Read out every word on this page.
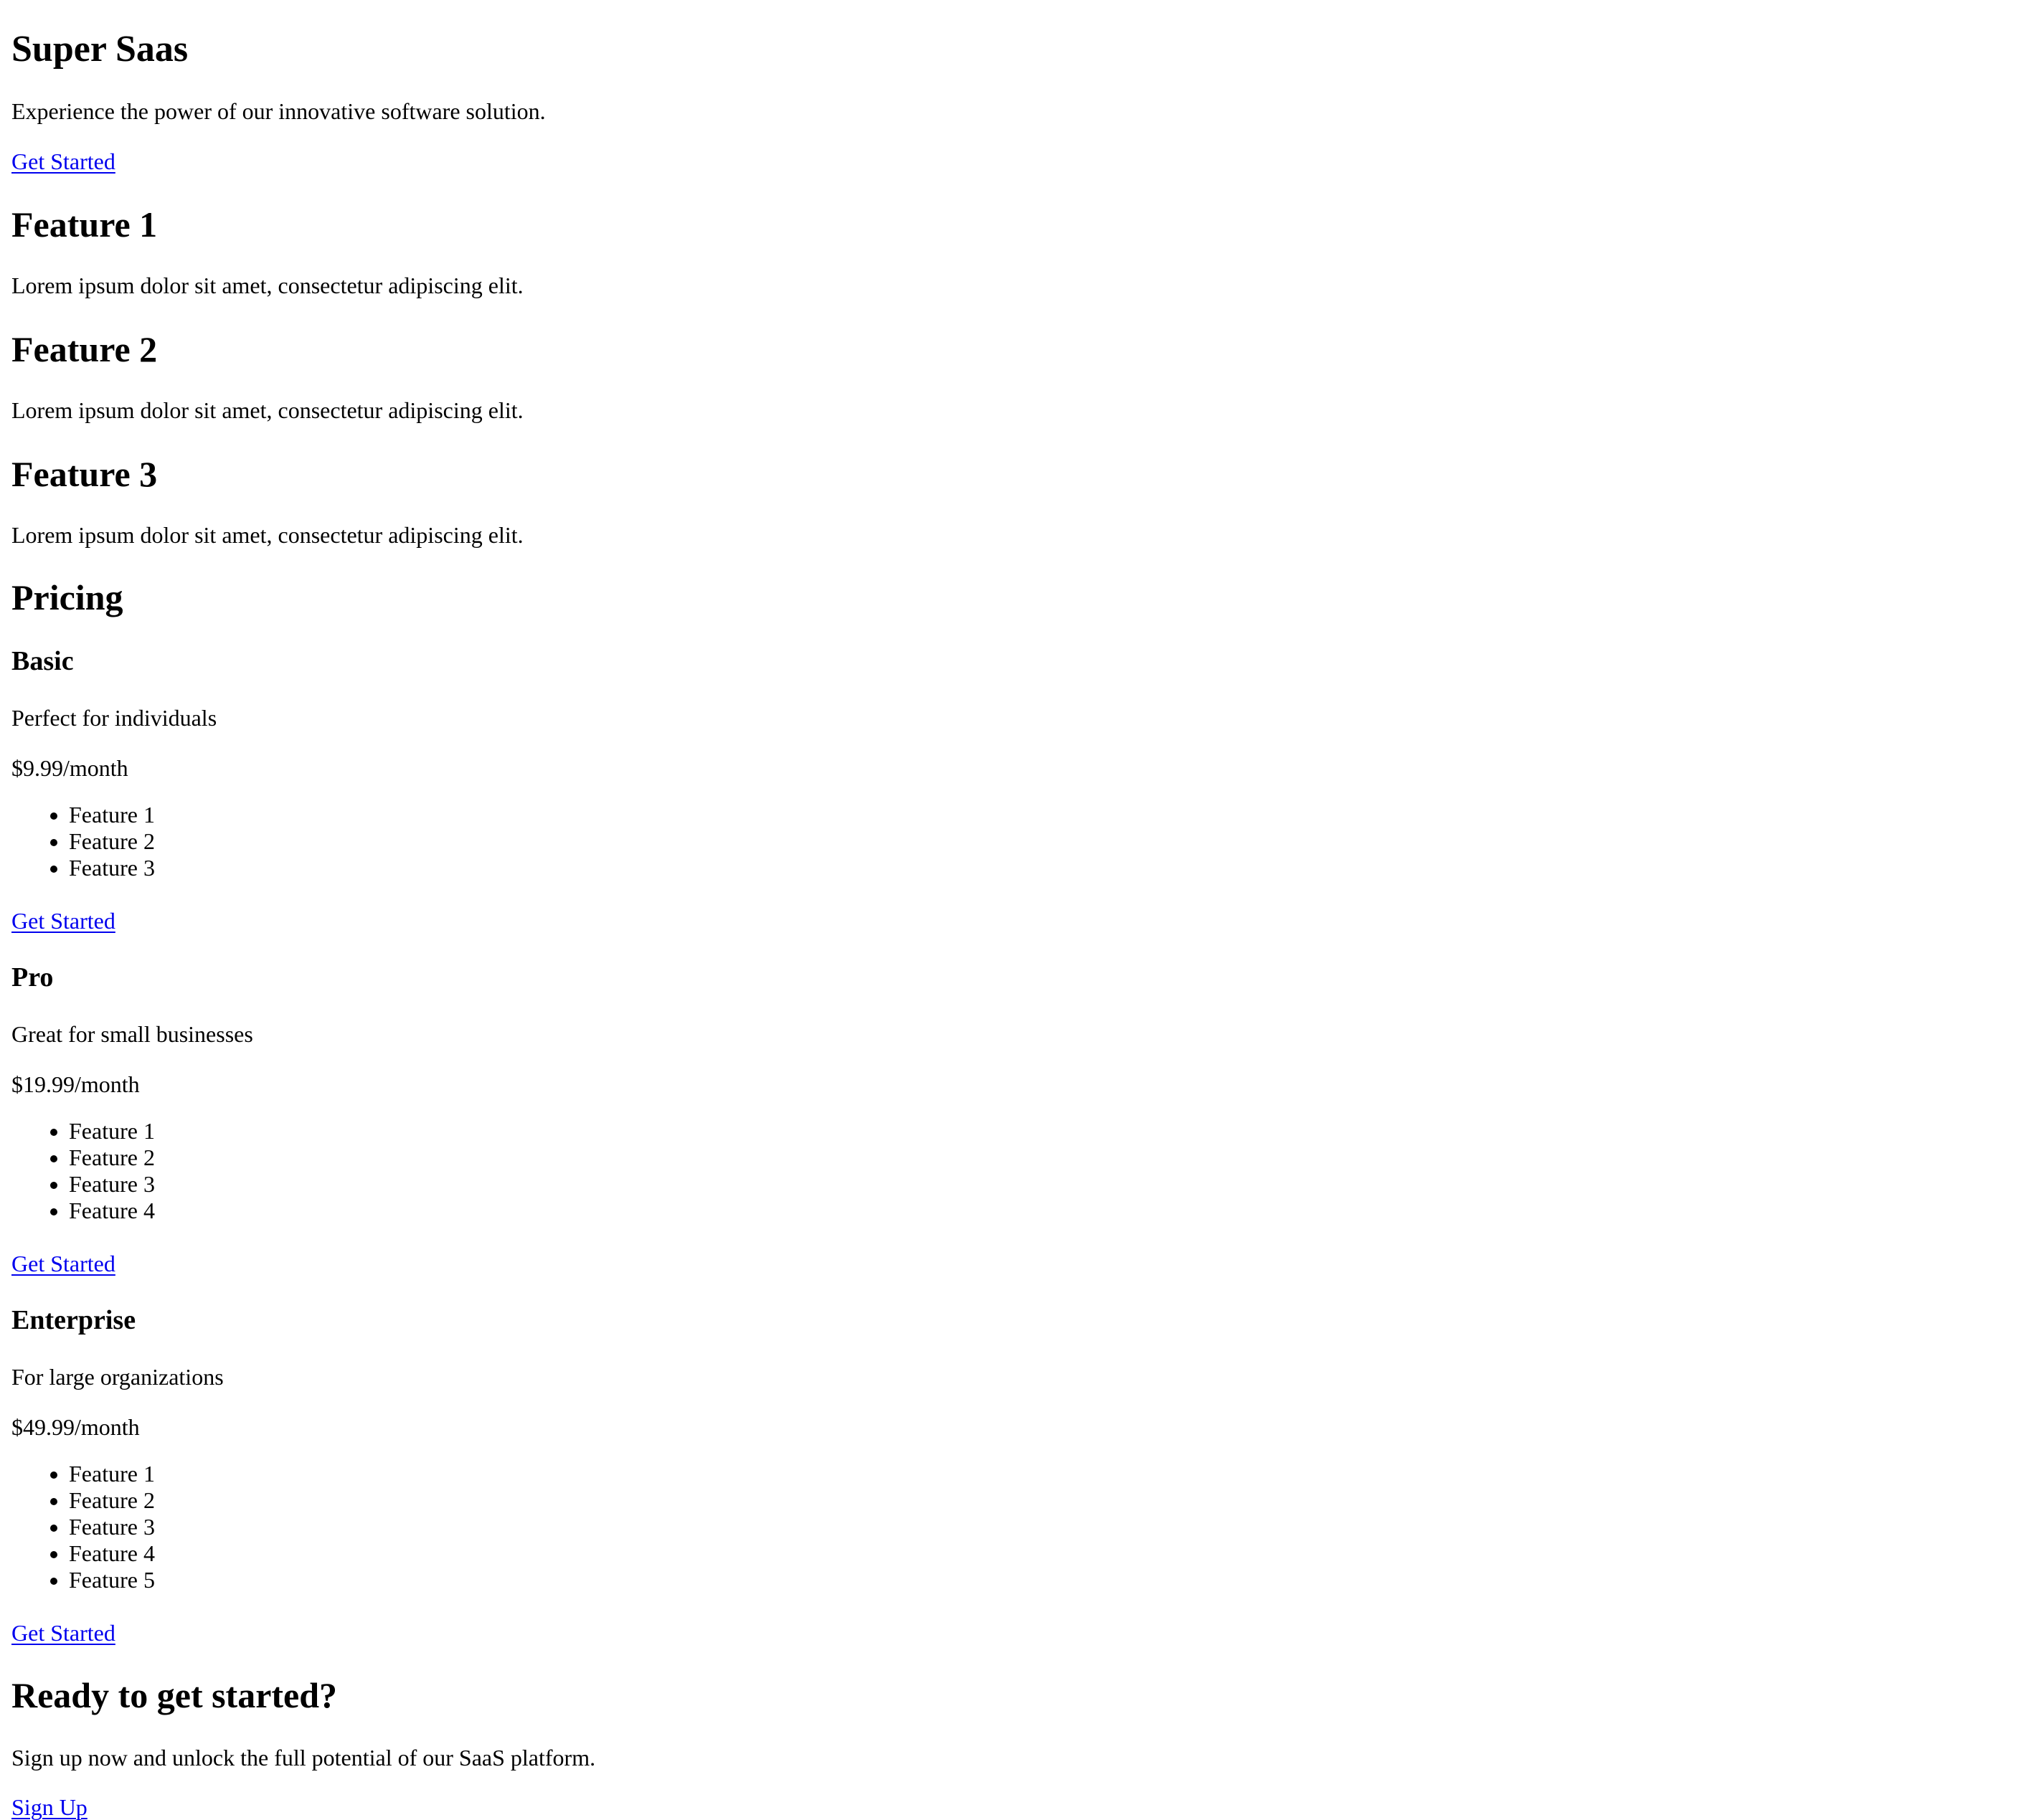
Super Saas

Experience the power of our innovative software solution.

Get Started
Feature 1

Lorem ipsum dolor sit amet, consectetur adipiscing elit.

Feature 2

Lorem ipsum dolor sit amet, consectetur adipiscing elit.

Feature 3

Lorem ipsum dolor sit amet, consectetur adipiscing elit.

Pricing
Basic

Perfect for individuals

$9.99/month

• Feature 1
• Feature 2
• Feature 3
Get Started
Pro

Great for small businesses

$19.99/month

• Feature 1
• Feature 2
• Feature 3
• Feature 4
Get Started
Enterprise

For large organizations

$49.99/month

• Feature 1
• Feature 2
• Feature 3
• Feature 4
• Feature 5
Get Started
Ready to get started?

Sign up now and unlock the full potential of our SaaS platform.

Sign Up
